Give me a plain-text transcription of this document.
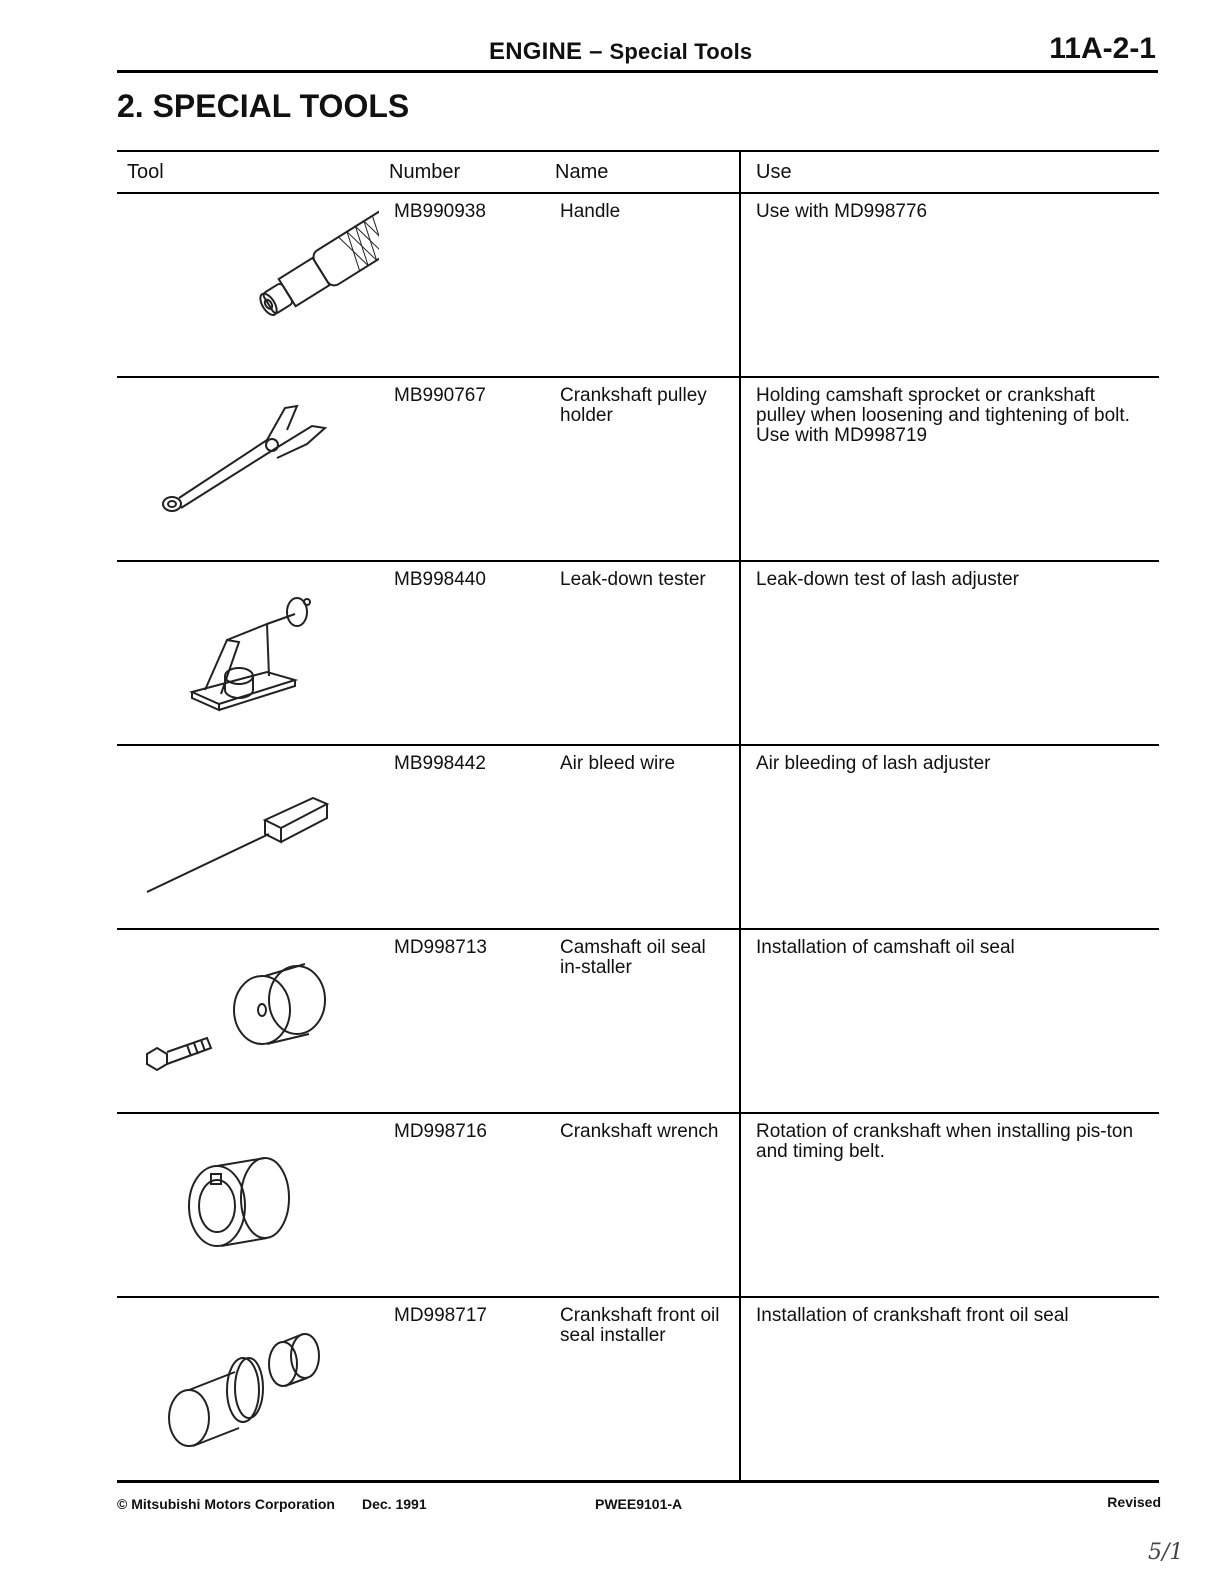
ENGINE – Special Tools	11A-2-1
2. SPECIAL TOOLS
Tool	Number	Name	Use

	MB990938	Handle	Use with MD998776

	MB990767	Crankshaft pulley holder	Holding camshaft sprocket or crankshaft pulley when loosening and tightening of bolt.
Use with MD998719

	MB998440	Leak-down tester	Leak-down test of lash adjuster

	MB998442	Air bleed wire	Air bleeding of lash adjuster

	MD998713	Camshaft oil seal in-staller	Installation of camshaft oil seal

	MD998716	Crankshaft wrench	Rotation of crankshaft when installing pis-ton and timing belt.

	MD998717	Crankshaft front oil seal installer	Installation of crankshaft front oil seal
© Mitsubishi Motors Corporation Dec. 1991	PWEE9101-A	Revised
5/1
